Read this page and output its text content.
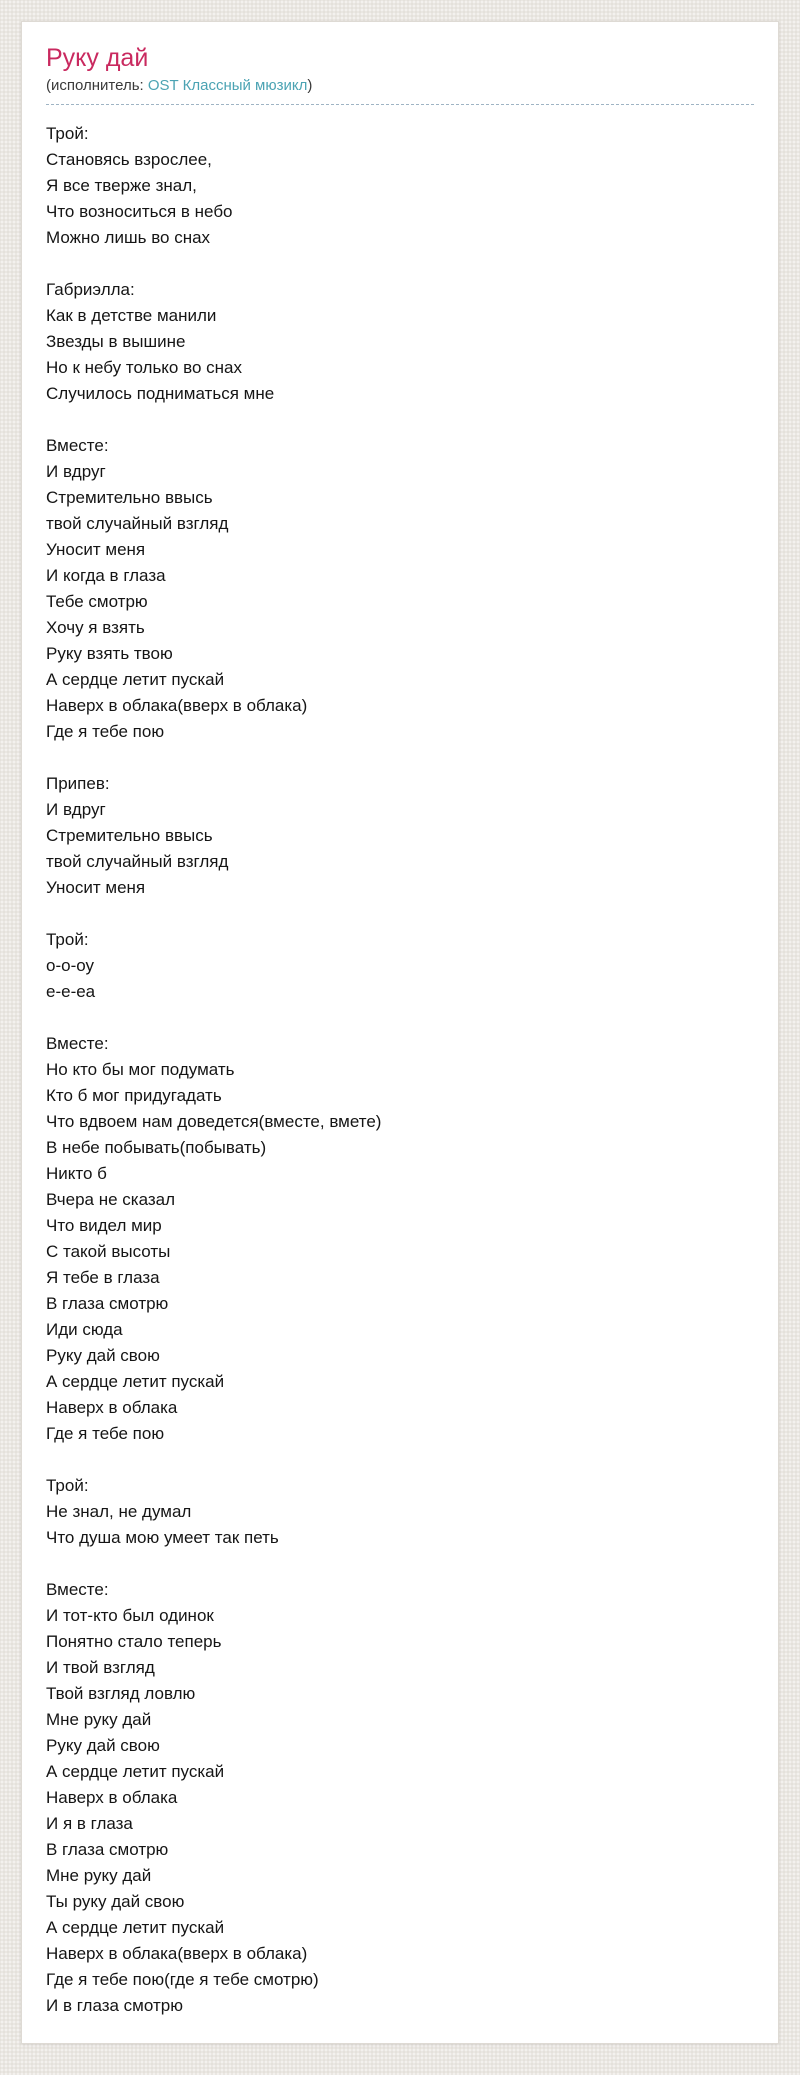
Руку дай
(исполнитель: OST Классный мюзикл)
Трой:
Становясь взрослее,
Я все тверже знал,
Что возноситься в небо
Можно лишь во снах
Габриэлла:
Как в детстве манили
Звезды в вышине
Но к небу только во снах
Случилось подниматься мне
Вместе:
И вдруг
Стремительно ввысь
твой случайный взгляд
Уносит меня
И когда в глаза
Тебе смотрю
Хочу я взять
Руку взять твою
А сердце летит пускай
Наверх в облака(вверх в облака)
Где я тебе пою
Припев:
И вдруг
Стремительно ввысь
твой случайный взгляд
Уносит меня
Трой:
о-о-оу
е-е-еа
Вместе:
Но кто бы мог подумать
Кто б мог придугадать
Что вдвоем нам доведется(вместе, вмете)
В небе побывать(побывать)
Никто б
Вчера не сказал
Что видел мир
С такой высоты
Я тебе в глаза
В глаза смотрю
Иди сюда
Руку дай свою
А сердце летит пускай
Наверх в облака
Где я тебе пою
Трой:
Не знал, не думал
Что душа мою умеет так петь
Вместе:
И тот-кто был одинок
Понятно стало теперь
И твой взгляд
Твой взгляд ловлю
Мне руку дай
Руку дай свою
А сердце летит пускай
Наверх в облака
И я в глаза
В глаза смотрю
Мне руку дай
Ты руку дай свою
А сердце летит пускай
Наверх в облака(вверх в облака)
Где я тебе пою(где я тебе смотрю)
И в глаза смотрю
